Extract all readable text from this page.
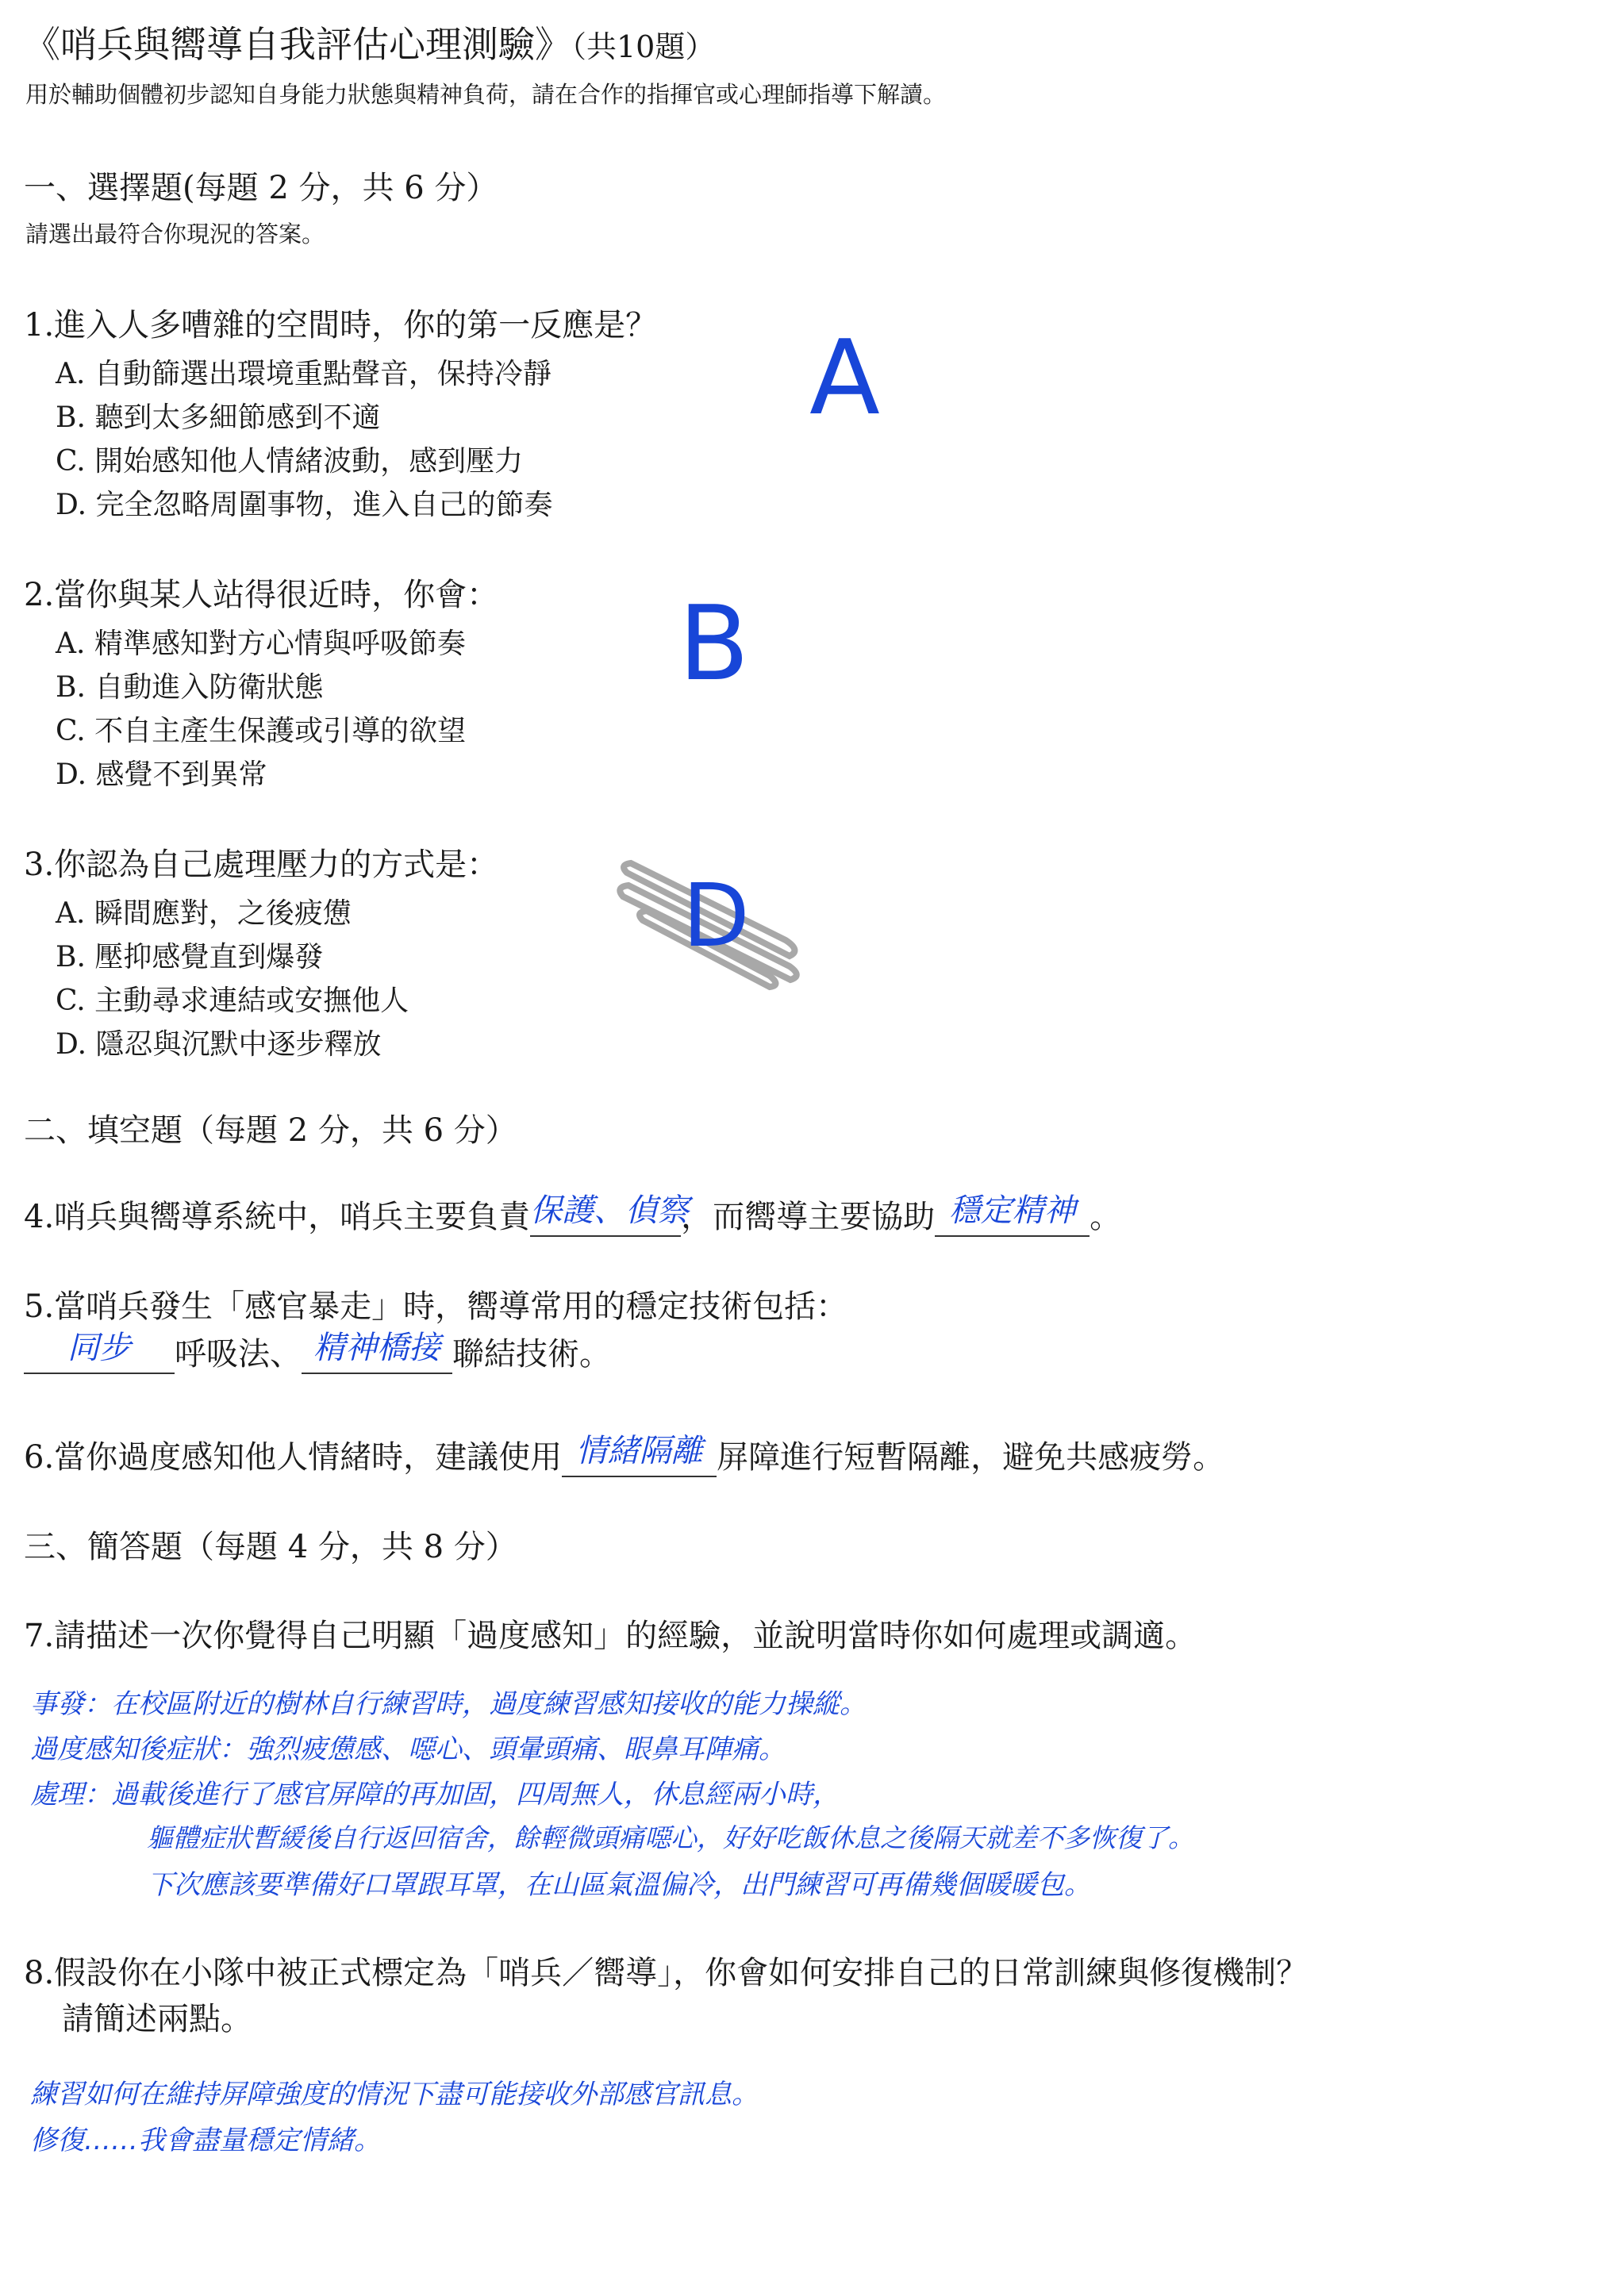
《哨兵與嚮導自我評估心理測驗》（共10題）
用於輔助個體初步認知自身能力狀態與精神負荷，請在合作的指揮官或心理師指導下解讀。
一、選擇題(每題 2 分，共 6 分）
請選出最符合你現況的答案。
1.進入人多嘈雜的空間時，你的第一反應是？
A. 自動篩選出環境重點聲音，保持冷靜
B. 聽到太多細節感到不適
C. 開始感知他人情緒波動，感到壓力
D. 完全忽略周圍事物，進入自己的節奏
A
2.當你與某人站得很近時，你會：
A. 精準感知對方心情與呼吸節奏
B. 自動進入防衛狀態
C. 不自主產生保護或引導的欲望
D. 感覺不到異常
B
3.你認為自己處理壓力的方式是：
A. 瞬間應對，之後疲憊
B. 壓抑感覺直到爆發
C. 主動尋求連結或安撫他人
D. 隱忍與沉默中逐步釋放
D
二、填空題（每題 2 分，共 6 分）
4.哨兵與嚮導系統中，哨兵主要負責 保護、偵察
，而嚮導主要協助 穩定精神 。
5.當哨兵發生「感官暴走」時，嚮導常用的穩定技術包括：
同步	呼吸法、 精神橋接 聯結技術。
6.當你過度感知他人情緒時，建議使用 情緒隔離 屏障進行短暫隔離，避免共感疲勞。
三、簡答題（每題 4 分，共 8 分）
7.請描述一次你覺得自己明顯「過度感知」的經驗，並說明當時你如何處理或調適。
事發：在校區附近的樹林自行練習時，過度練習感知接收的能力操縱。
過度感知後症狀：強烈疲憊感、噁心、頭暈頭痛、眼鼻耳陣痛。
處理：過載後進行了感官屏障的再加固，四周無人，休息經兩小時，
軀體症狀暫緩後自行返回宿舍，餘輕微頭痛噁心，好好吃飯休息之後隔天就差不多恢復了。
下次應該要準備好口罩跟耳罩，在山區氣溫偏冷，出門練習可再備幾個暖暖包。
8.假設你在小隊中被正式標定為「哨兵／嚮導」，你會如何安排自己的日常訓練與修復機制？
請簡述兩點。
練習如何在維持屏障強度的情況下盡可能接收外部感官訊息。
修復……我會盡量穩定情緒。
